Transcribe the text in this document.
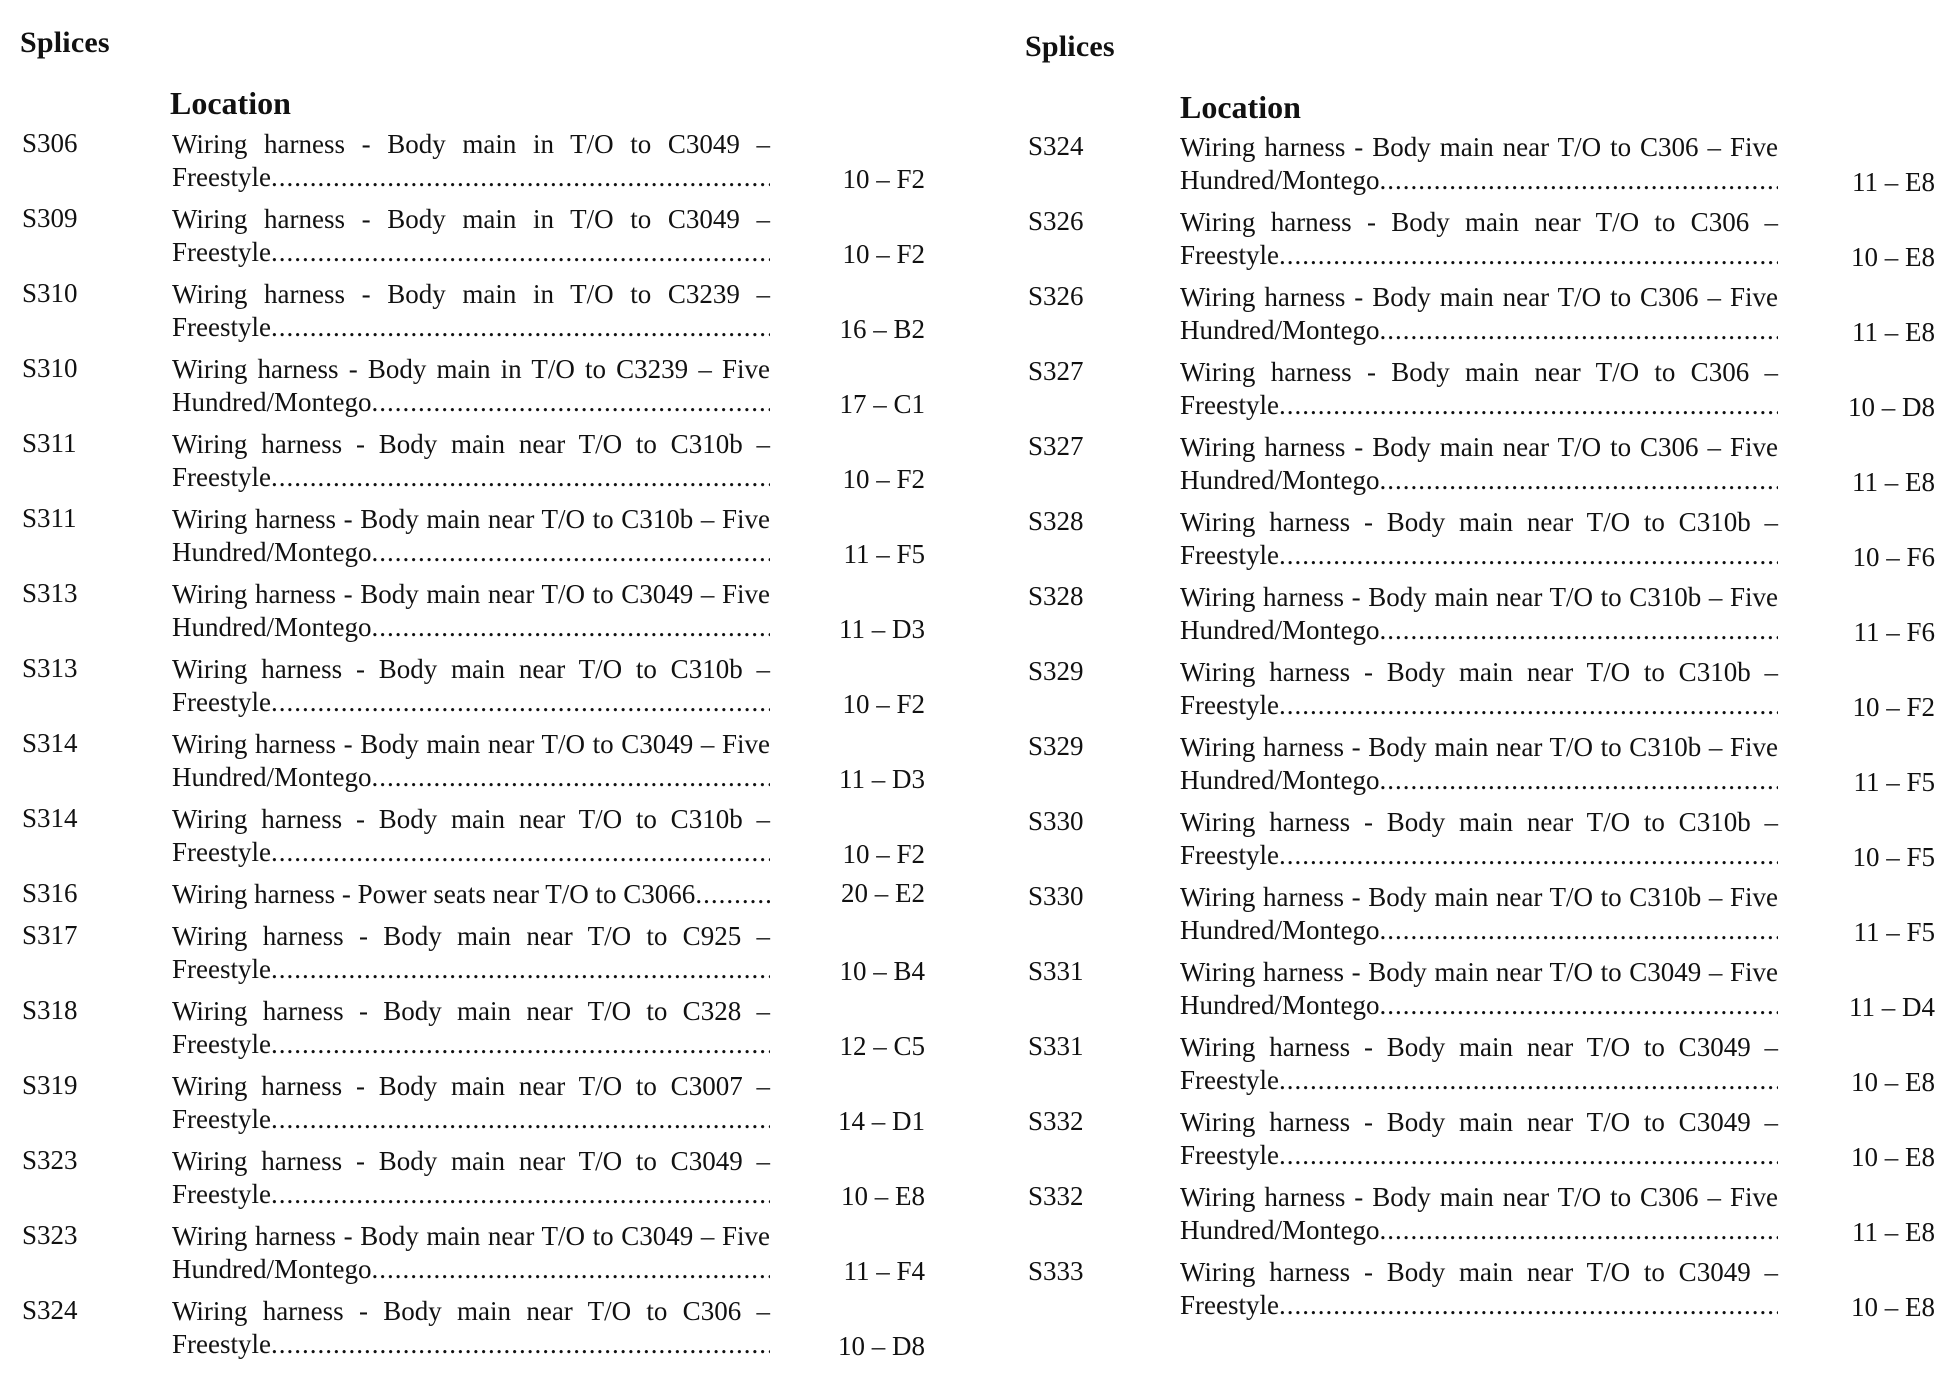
Splices
Location
S306	Wiring harness - Body main in T/O to C3049 –
Freestyle .....	10 – F2
S309	Wiring harness - Body main in T/O to C3049 –
Freestyle .....	10 – F2
S310	Wiring harness - Body main in T/O to C3239 –
Freestyle .....	16 – B2
S310	Wiring harness - Body main in T/O to C3239 – Five
Hundred/Montego .....	17 – C1
S311	Wiring harness - Body main near T/O to C310b –
Freestyle .....	10 – F2
S311	Wiring harness - Body main near T/O to C310b – Five
Hundred/Montego .....	11 – F5
S313	Wiring harness - Body main near T/O to C3049 – Five
Hundred/Montego .....	11 – D3
S313	Wiring harness - Body main near T/O to C310b –
Freestyle .....	10 – F2
S314	Wiring harness - Body main near T/O to C3049 – Five
Hundred/Montego .....	11 – D3
S314	Wiring harness - Body main near T/O to C310b –
Freestyle .....	10 – F2
S316	Wiring harness - Power seats near T/O to C3066 .....	20 – E2
S317	Wiring harness - Body main near T/O to C925 –
Freestyle .....	10 – B4
S318	Wiring harness - Body main near T/O to C328 –
Freestyle .....	12 – C5
S319	Wiring harness - Body main near T/O to C3007 –
Freestyle .....	14 – D1
S323	Wiring harness - Body main near T/O to C3049 –
Freestyle .....	10 – E8
S323	Wiring harness - Body main near T/O to C3049 – Five
Hundred/Montego .....	11 – F4
S324	Wiring harness - Body main near T/O to C306 –
Freestyle .....	10 – D8
Splices
Location
S324	Wiring harness - Body main near T/O to C306 – Five
Hundred/Montego .....	11 – E8
S326	Wiring harness - Body main near T/O to C306 –
Freestyle .....	10 – E8
S326	Wiring harness - Body main near T/O to C306 – Five
Hundred/Montego .....	11 – E8
S327	Wiring harness - Body main near T/O to C306 –
Freestyle .....	10 – D8
S327	Wiring harness - Body main near T/O to C306 – Five
Hundred/Montego .....	11 – E8
S328	Wiring harness - Body main near T/O to C310b –
Freestyle .....	10 – F6
S328	Wiring harness - Body main near T/O to C310b – Five
Hundred/Montego .....	11 – F6
S329	Wiring harness - Body main near T/O to C310b –
Freestyle .....	10 – F2
S329	Wiring harness - Body main near T/O to C310b – Five
Hundred/Montego .....	11 – F5
S330	Wiring harness - Body main near T/O to C310b –
Freestyle .....	10 – F5
S330	Wiring harness - Body main near T/O to C310b – Five
Hundred/Montego .....	11 – F5
S331	Wiring harness - Body main near T/O to C3049 – Five
Hundred/Montego .....	11 – D4
S331	Wiring harness - Body main near T/O to C3049 –
Freestyle .....	10 – E8
S332	Wiring harness - Body main near T/O to C3049 –
Freestyle .....	10 – E8
S332	Wiring harness - Body main near T/O to C306 – Five
Hundred/Montego .....	11 – E8
S333	Wiring harness - Body main near T/O to C3049 –
Freestyle .....	10 – E8
